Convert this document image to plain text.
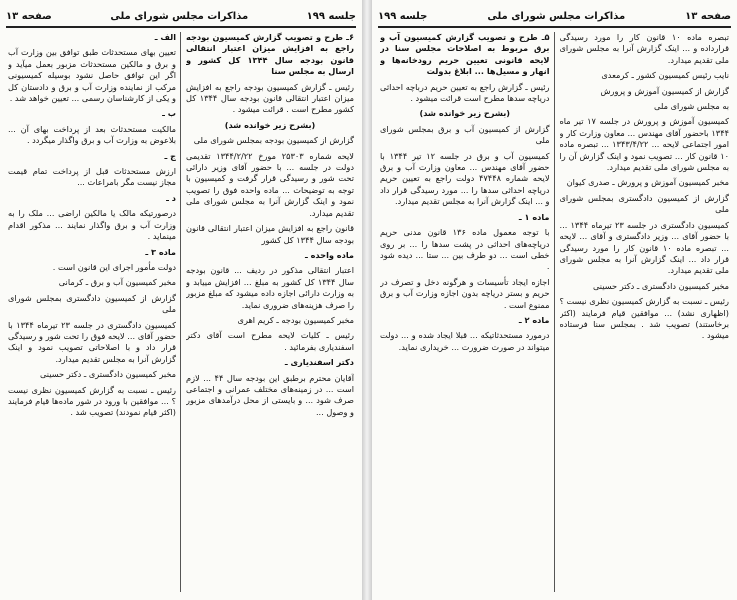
جلسه ۱۹۹
مذاکرات مجلس شورای ملی
صفحه ۱۳

۶ـ طرح و تصویب گزارش کمیسیون بودجه راجع به افزایش میزان اعتبار انتقالی قانون بودجه سال ۱۳۴۴ کل کشور و ارسال به مجلس سنا

رئیس ـ گزارش کمیسیون بودجه راجع به افزایش میزان اعتبار انتقالی قانون بودجه سال ۱۳۴۴ کل کشور مطرح است . قرائت میشود .

(بشرح زیر خوانده شد)

گزارش از کمیسیون بودجه بمجلس شورای ملی

لایحه شماره ۲۵۳۰۳ مورخ ۱۳۴۴/۲/۲۲ تقدیمی دولت در جلسه ... با حضور آقای وزیر دارائی تحت شور و رسیدگی قرار گرفت و کمیسیون با توجه به توضیحات ... ماده واحده فوق را تصویب نمود و اینک گزارش آنرا به مجلس شورای ملی تقدیم میدارد.

قانون راجع به افزایش میزان اعتبار انتقالی قانون بودجه سال ۱۳۴۴ کل کشور

ماده واحده ـ

اعتبار انتقالی مذکور در ردیف ... قانون بودجه سال ۱۳۴۴ کل کشور به مبلغ ... افزایش مییابد و به وزارت دارائی اجازه داده میشود که مبلغ مزبور را صرف هزینه‌های ضروری نماید.

مخبر کمیسیون بودجه ـ کریم اهری

رئیس ـ کلیات لایحه مطرح است آقای دکتر اسفندیاری بفرمائید .

دکتر اسفندیاری ـ

آقایان محترم برطبق این بودجه سال ۴۴ ... لازم است ... در زمینه‌های مختلف عمرانی و اجتماعی صرف شود ... و بایستی از محل درآمدهای مزبور و وصول ...

الف ـ

تعیین بهای مستحدثات طبق توافق بین وزارت آب و برق و مالکین مستحدثات مزبور بعمل میآید و اگر این توافق حاصل نشود بوسیله کمیسیونی مرکب از نماینده وزارت آب و برق و دادستان کل و یکی از کارشناسان رسمی ... تعیین خواهد شد .

ب ـ

مالکیت مستحدثات بعد از پرداخت بهای آن ... بلاعوض به وزارت آب و برق واگذار میگردد .

ج ـ

ارزش مستحدثات قبل از پرداخت تمام قیمت مجاز نیست مگر بامراعات ...

د ـ

درصورتیکه مالک یا مالکین اراضی ... ملک را به وزارت آب و برق واگذار نمایند ... مذکور اقدام مینماید .

ماده ۳ ـ

دولت مأمور اجرای این قانون است .

مخبر کمیسیون آب و برق ـ کرمانی

گزارش از کمیسیون دادگستری بمجلس شورای ملی

کمیسیون دادگستری در جلسه ۲۳ تیرماه ۱۳۴۴ با حضور آقای ... لایحه فوق را تحت شور و رسیدگی قرار داد و با اصلاحاتی تصویب نمود و اینک گزارش آنرا به مجلس تقدیم میدارد.

مخبر کمیسیون دادگستری ـ دکتر حسینی

رئیس ـ نسبت به گزارش کمیسیون نظری نیست ؟ ... موافقین با ورود در شور ماده‌ها قیام فرمایند (اکثر قیام نمودند) تصویب شد .

صفحه ۱۳
مذاکرات مجلس شورای ملی
جلسه ۱۹۹

تبصره ماده ۱۰ قانون کار را مورد رسیدگی قرارداده و ... اینک گزارش آنرا به مجلس شورای ملی تقدیم میدارد.

نایب رئیس کمیسیون کشور ـ کرمعدی

گزارش از کمیسیون آموزش و پرورش

به مجلس شورای ملی

کمیسیون آموزش و پرورش در جلسه ۱۷ تیر ماه ۱۳۴۴ باحضور آقای مهندس ... معاون وزارت کار و امور اجتماعی لایحه ... ۱۳۴۳/۴/۲۲ ... تبصره ماده ۱۰ قانون کار ... تصویب نمود و اینک گزارش آن را به مجلس شورای ملی تقدیم میدارد.

مخبر کمیسیون آموزش و پرورش ـ صدری کیوان

گزارش از کمیسیون دادگستری بمجلس شورای ملی

کمیسیون دادگستری در جلسه ۲۳ تیرماه ۱۳۴۴ ... با حضور آقای ... وزیر دادگستری و آقای ... لایحه ... تبصره ماده ۱۰ قانون کار را مورد رسیدگی قرار داد ... اینک گزارش آنرا به مجلس شورای ملی تقدیم میدارد.

مخبر کمیسیون دادگستری ـ دکتر حسینی

رئیس ـ نسبت به گزارش کمیسیون نظری نیست ؟ (اظهاری نشد) ... موافقین قیام فرمایند (اکثر برخاستند) تصویب شد . بمجلس سنا فرستاده میشود .

۵ـ طرح و تصویب گزارش کمیسیون آب و برق مربوط به اصلاحات مجلس سنا در لایحه قانونی تعیین حریم رودخانه‌ها و انهار و مسیل‌ها ... ابلاغ بدولت

رئیس ـ گزارش راجع به تعیین حریم درباچه احداثی دریاچه سدها مطرح است قرائت میشود .

(بشرح زیر خوانده شد)

گزارش از کمیسیون آب و برق بمجلس شورای ملی

کمیسیون آب و برق در جلسه ۱۲ تیر ۱۳۴۴ با حضور آقای مهندس ... معاون وزارت آب و برق لایحه شماره ۴۷۴۴۸ دولت راجع به تعیین حریم دریاچه احداثی سدها را ... مورد رسیدگی قرار داد و ... اینک گزارش آنرا به مجلس تقدیم میدارد.

ماده ۱ ـ

با توجه معمول ماده ۱۳۶ قانون مدنی حریم دریاچه‌های احداثی در پشت سدها را ... بر روی خطی است ... دو طرف بین ... ستا ... دیده شود .

اجازه ایجاد تأسیسات و هرگونه دخل و تصرف در حریم و بستر دریاچه بدون اجازه وزارت آب و برق ممنوع است .

ماده ۲ ـ

درمورد مستحدثاتیکه ... قبلا ایجاد شده و ... دولت میتواند در صورت ضرورت ... خریداری نماید.
